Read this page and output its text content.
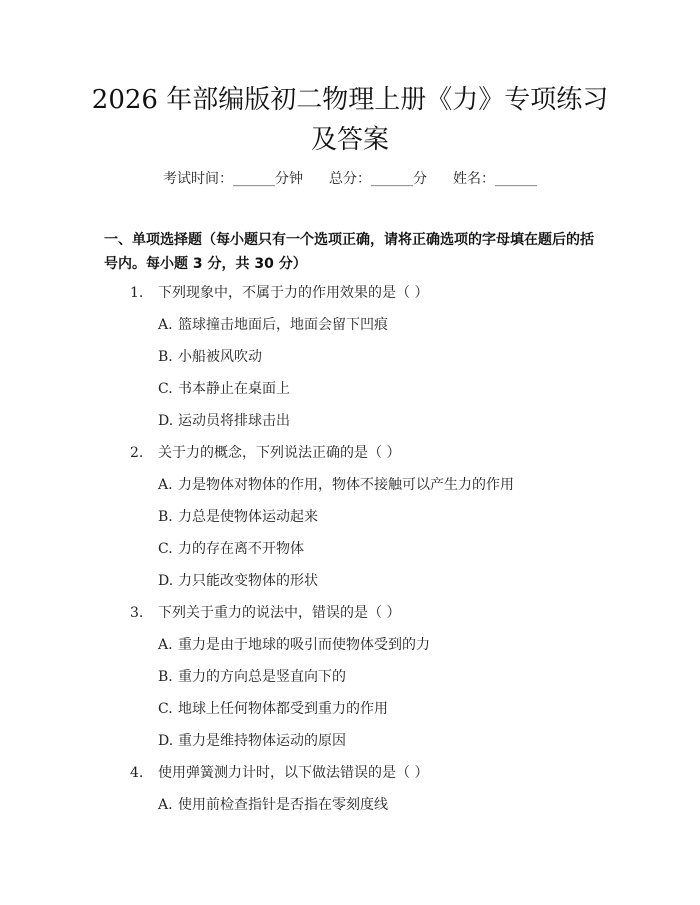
2026 年部编版初二物理上册《力》专项练习
及答案
考试时间：______分钟 总分：______分 姓名：______
一、单项选择题（每小题只有一个选项正确，请将正确选项的字母填在题后的括号内。每小题 3 分，共 30 分）
1. 下列现象中，不属于力的作用效果的是（ ）
A. 篮球撞击地面后，地面会留下凹痕
B. 小船被风吹动
C. 书本静止在桌面上
D. 运动员将排球击出
2. 关于力的概念，下列说法正确的是（ ）
A. 力是物体对物体的作用，物体不接触可以产生力的作用
B. 力总是使物体运动起来
C. 力的存在离不开物体
D. 力只能改变物体的形状
3. 下列关于重力的说法中，错误的是（ ）
A. 重力是由于地球的吸引而使物体受到的力
B. 重力的方向总是竖直向下的
C. 地球上任何物体都受到重力的作用
D. 重力是维持物体运动的原因
4. 使用弹簧测力计时，以下做法错误的是（ ）
A. 使用前检查指针是否指在零刻度线
